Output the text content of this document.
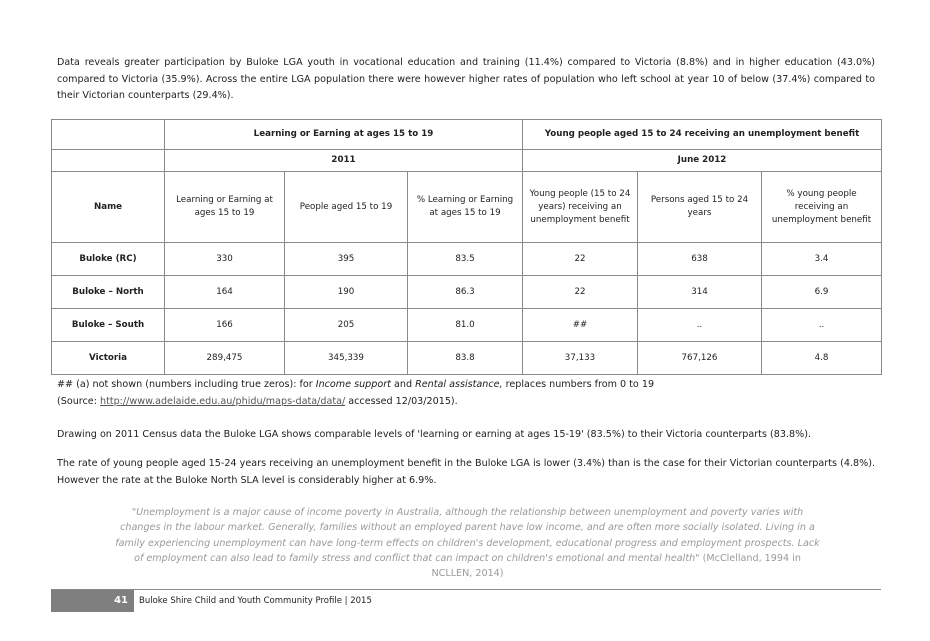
Data reveals greater participation by Buloke LGA youth in vocational education and training (11.4%) compared to Victoria (8.8%) and in higher education (43.0%) compared to Victoria (35.9%). Across the entire LGA population there were however higher rates of population who left school at year 10 of below (37.4%) compared to their Victorian counterparts (29.4%).

	Learning or Earning at ages 15 to 19			Young people aged 15 to 24 receiving an unemployment benefit		
	2011			June 2012		
Name	Learning or Earning at ages 15 to 19	People aged 15 to 19	% Learning or Earning at ages 15 to 19	Young people (15 to 24 years) receiving an unemployment benefit	Persons aged 15 to 24 years	% young people receiving an unemployment benefit
Buloke (RC)	330	395	83.5	22	638	3.4
Buloke – North	164	190	86.3	22	314	6.9
Buloke – South	166	205	81.0	##	..	..
Victoria	289,475	345,339	83.8	37,133	767,126	4.8
## (a) not shown (numbers including true zeros): for Income support and Rental assistance, replaces numbers from 0 to 19
(Source: http://www.adelaide.edu.au/phidu/maps-data/data/ accessed 12/03/2015).

Drawing on 2011 Census data the Buloke LGA shows comparable levels of 'learning or earning at ages 15-19' (83.5%) to their Victoria counterparts (83.8%).

The rate of young people aged 15-24 years receiving an unemployment benefit in the Buloke LGA is lower (3.4%) than is the case for their Victorian counterparts (4.8%). However the rate at the Buloke North SLA level is considerably higher at 6.9%.

"Unemployment is a major cause of income poverty in Australia, although the relationship between unemployment and poverty varies with changes in the labour market. Generally, families without an employed parent have low income, and are often more socially isolated. Living in a family experiencing unemployment can have long-term effects on children's development, educational progress and employment prospects. Lack of employment can also lead to family stress and conflict that can impact on children's emotional and mental health" (McClelland, 1994 in NCLLEN, 2014)

41	Buloke Shire Child and Youth Community Profile | 2015
